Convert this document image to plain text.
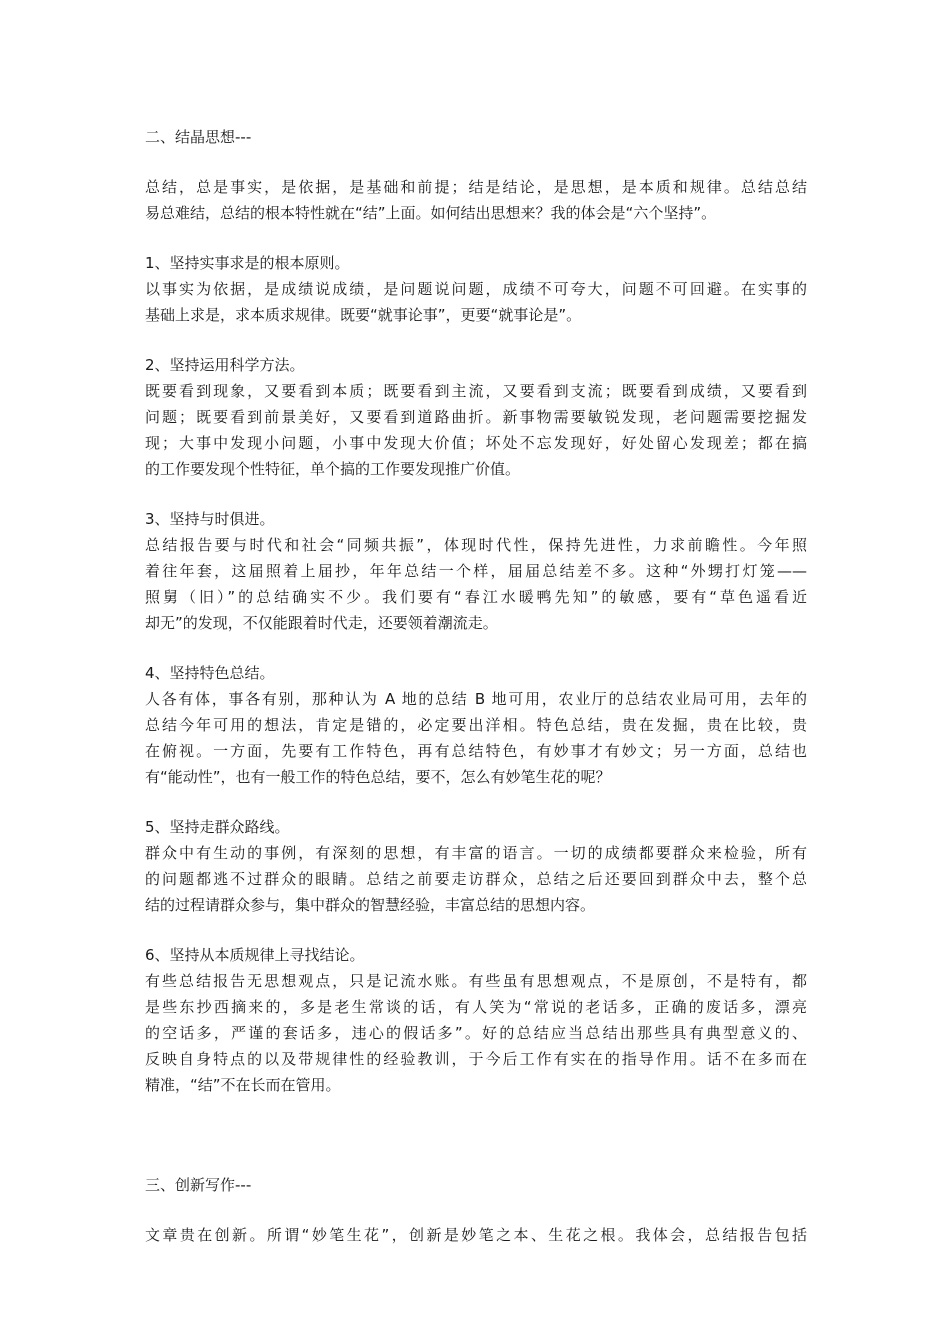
二、结晶思想---
总结，总是事实，是依据，是基础和前提；结是结论，是思想，是本质和规律。总结总结
易总难结，总结的根本特性就在“结”上面。如何结出思想来？我的体会是“六个坚持”。
1、坚持实事求是的根本原则。
以事实为依据，是成绩说成绩，是问题说问题，成绩不可夸大，问题不可回避。在实事的
基础上求是，求本质求规律。既要“就事论事”，更要“就事论是”。
2、坚持运用科学方法。
既要看到现象，又要看到本质；既要看到主流，又要看到支流；既要看到成绩，又要看到
问题；既要看到前景美好，又要看到道路曲折。新事物需要敏锐发现，老问题需要挖掘发
现；大事中发现小问题，小事中发现大价值；坏处不忘发现好，好处留心发现差；都在搞
的工作要发现个性特征，单个搞的工作要发现推广价值。
3、坚持与时俱进。
总结报告要与时代和社会“同频共振”，体现时代性，保持先进性，力求前瞻性。今年照
着往年套，这届照着上届抄，年年总结一个样，届届总结差不多。这种“外甥打灯笼——
照舅（旧）”的总结确实不少。我们要有“春江水暖鸭先知”的敏感，要有“草色遥看近
却无”的发现，不仅能跟着时代走，还要领着潮流走。
4、坚持特色总结。
人各有体，事各有别，那种认为 A 地的总结 B 地可用，农业厅的总结农业局可用，去年的
总结今年可用的想法，肯定是错的，必定要出洋相。特色总结，贵在发掘，贵在比较，贵
在俯视。一方面，先要有工作特色，再有总结特色，有妙事才有妙文；另一方面，总结也
有“能动性”，也有一般工作的特色总结，要不，怎么有妙笔生花的呢？
5、坚持走群众路线。
群众中有生动的事例，有深刻的思想，有丰富的语言。一切的成绩都要群众来检验，所有
的问题都逃不过群众的眼睛。总结之前要走访群众，总结之后还要回到群众中去，整个总
结的过程请群众参与，集中群众的智慧经验，丰富总结的思想内容。
6、坚持从本质规律上寻找结论。
有些总结报告无思想观点，只是记流水账。有些虽有思想观点，不是原创，不是特有，都
是些东抄西摘来的，多是老生常谈的话，有人笑为“常说的老话多，正确的废话多，漂亮
的空话多，严谨的套话多，违心的假话多”。好的总结应当总结出那些具有典型意义的、
反映自身特点的以及带规律性的经验教训，于今后工作有实在的指导作用。话不在多而在
精准，“结”不在长而在管用。
三、创新写作---
文章贵在创新。所谓“妙笔生花”，创新是妙笔之本、生花之根。我体会，总结报告包括
